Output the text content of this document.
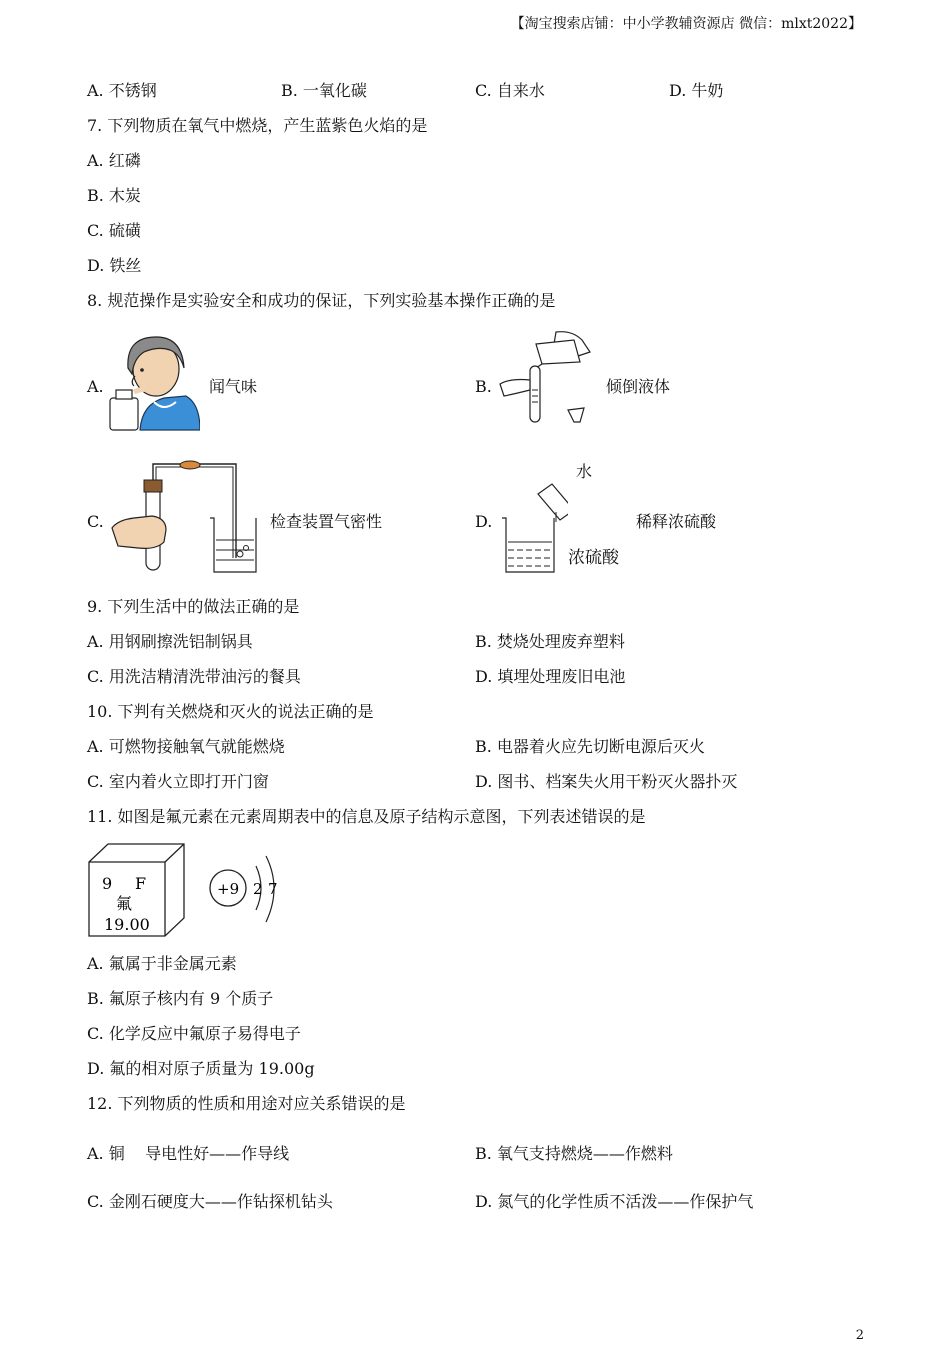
【淘宝搜索店铺：中小学教辅资源店 微信：mlxt2022】
A. 不锈钢	B. 一氧化碳	C. 自来水	D. 牛奶
7. 下列物质在氧气中燃烧，产生蓝紫色火焰的是
A. 红磷
B. 木炭
C. 硫磺
D. 铁丝
8. 规范操作是实验安全和成功的保证，下列实验基本操作正确的是
A.	闻气味	B.	倾倒液体
C.	检查装置气密性	D.
水
浓硫酸
稀释浓硫酸
9. 下列生活中的做法正确的是
A. 用钢刷擦洗铝制锅具	B. 焚烧处理废弃塑料
C. 用洗洁精清洗带油污的餐具	D. 填埋处理废旧电池
10. 下判有关燃烧和灭火的说法正确的是
A. 可燃物接触氧气就能燃烧	B. 电器着火应先切断电源后灭火
C. 室内着火立即打开门窗	D. 图书、档案失火用干粉灭火器扑灭
11. 如图是氟元素在元素周期表中的信息及原子结构示意图，下列表述错误的是
9 F
氟
19.00
+9 2 7
A. 氟属于非金属元素
B. 氟原子核内有 9 个质子
C. 化学反应中氟原子易得电子
D. 氟的相对原子质量为 19.00g
12. 下列物质的性质和用途对应关系错误的是
A. 铜    导电性好——作导线	B. 氧气支持燃烧——作燃料
C. 金刚石硬度大——作钻探机钻头	D. 氮气的化学性质不活泼——作保护气
2
